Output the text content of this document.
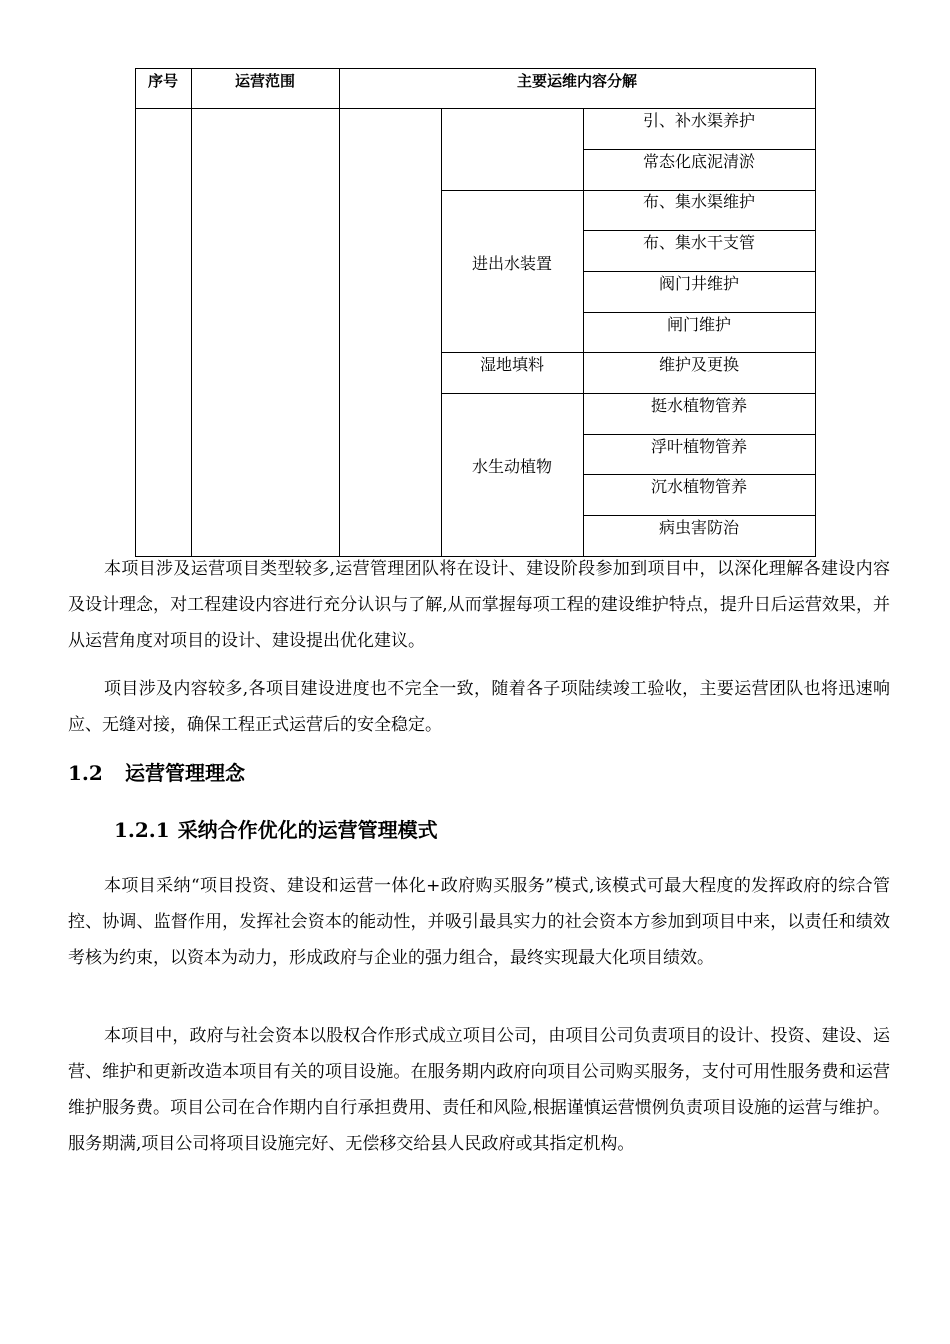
序号	运营范围	主要运维内容分解
进出水装置
湿地填料
水生动植物
引、补水渠养护
常态化底泥清淤
布、集水渠维护
布、集水干支管
阀门井维护
闸门维护
维护及更换
挺水植物管养
浮叶植物管养
沉水植物管养
病虫害防治

本项目涉及运营项目类型较多,运营管理团队将在设计、建设阶段参加到项目中，以深化理解各建设内容及设计理念，对工程建设内容进行充分认识与了解,从而掌握每项工程的建设维护特点，提升日后运营效果，并从运营角度对项目的设计、建设提出优化建议。

项目涉及内容较多,各项目建设进度也不完全一致，随着各子项陆续竣工验收，主要运营团队也将迅速响应、无缝对接，确保工程正式运营后的安全稳定。

1.2 运营管理理念
1.2.1 采纳合作优化的运营管理模式

本项目采纳“项目投资、建设和运营一体化+政府购买服务”模式,该模式可最大程度的发挥政府的综合管控、协调、监督作用，发挥社会资本的能动性，并吸引最具实力的社会资本方参加到项目中来，以责任和绩效考核为约束，以资本为动力，形成政府与企业的强力组合，最终实现最大化项目绩效。

本项目中，政府与社会资本以股权合作形式成立项目公司，由项目公司负责项目的设计、投资、建设、运营、维护和更新改造本项目有关的项目设施。在服务期内政府向项目公司购买服务，支付可用性服务费和运营维护服务费。项目公司在合作期内自行承担费用、责任和风险,根据谨慎运营惯例负责项目设施的运营与维护。服务期满,项目公司将项目设施完好、无偿移交给县人民政府或其指定机构。
